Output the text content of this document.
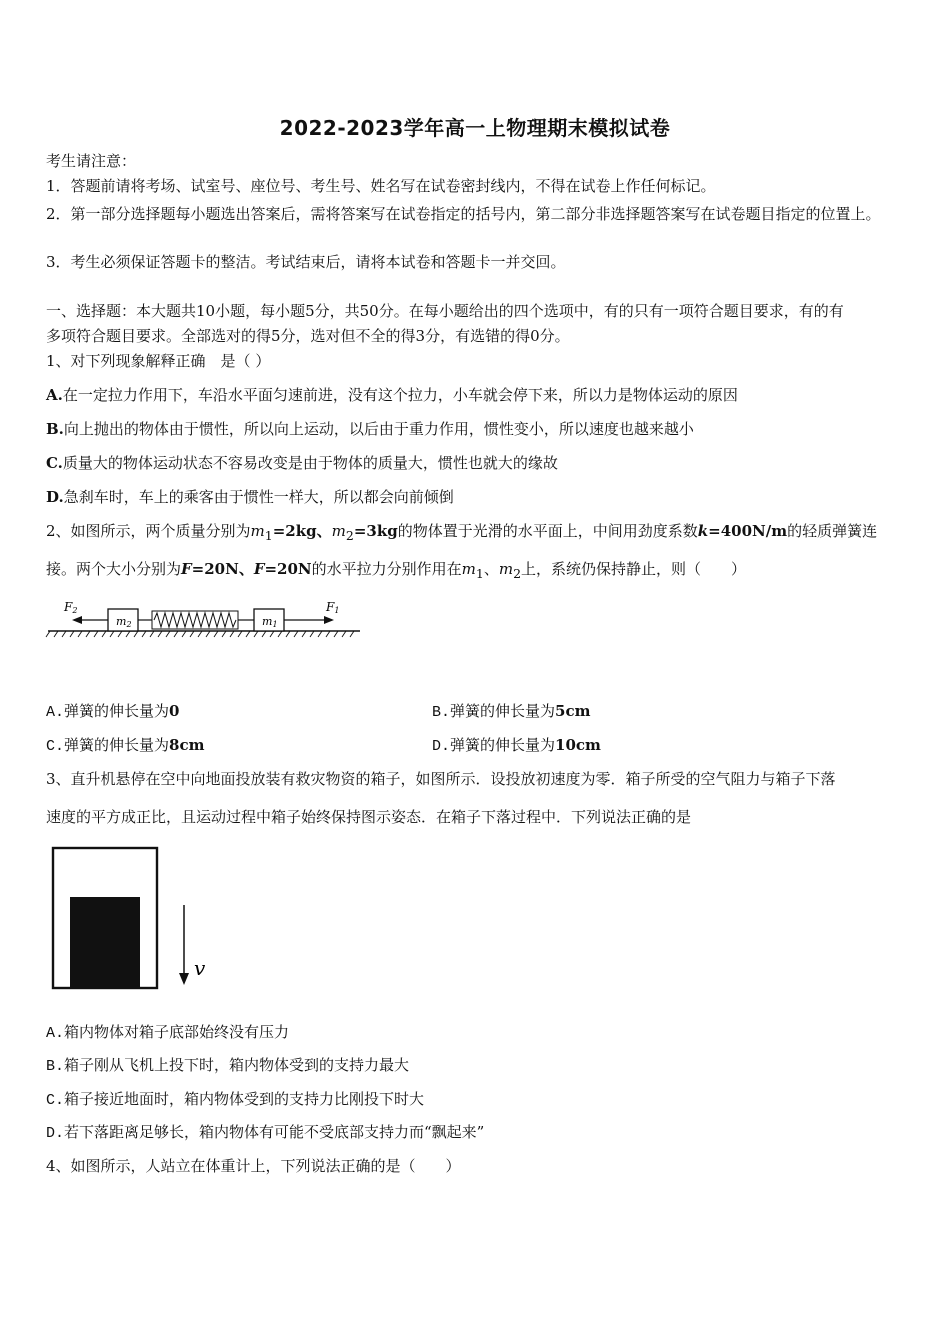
2022-2023学年高一上物理期末模拟试卷
考生请注意：
1．答题前请将考场、试室号、座位号、考生号、姓名写在试卷密封线内，不得在试卷上作任何标记。
2．第一部分选择题每小题选出答案后，需将答案写在试卷指定的括号内，第二部分非选择题答案写在试卷题目指定的位置上。
3．考生必须保证答题卡的整洁。考试结束后，请将本试卷和答题卡一并交回。
一、选择题：本大题共10小题，每小题5分，共50分。在每小题给出的四个选项中，有的只有一项符合题目要求，有的有
多项符合题目要求。全部选对的得5分，选对但不全的得3分，有选错的得0分。
1、对下列现象解释正确　是（ ）
A.在一定拉力作用下，车沿水平面匀速前进，没有这个拉力，小车就会停下来，所以力是物体运动的原因
B.向上抛出的物体由于惯性，所以向上运动，以后由于重力作用，惯性变小，所以速度也越来越小
C.质量大的物体运动状态不容易改变是由于物体的质量大，惯性也就大的缘故
D.急刹车时，车上的乘客由于惯性一样大，所以都会向前倾倒
2、如图所示，两个质量分别为$m_1=2kg$、$m_2=3kg$的物体置于光滑的水平面上，中间用劲度系数k=400N/m的轻质弹簧连
接。两个大小分别为F=20N、F=20N的水平拉力分别作用在$m_1$、$m_2$上，系统仍保持静止，则（　　）
m2	m1
F2	F1
A.弹簧的伸长量为0	B.弹簧的伸长量为5cm
C.弹簧的伸长量为8cm	D.弹簧的伸长量为10cm
3、直升机悬停在空中向地面投放装有救灾物资的箱子，如图所示．设投放初速度为零．箱子所受的空气阻力与箱子下落
速度的平方成正比，且运动过程中箱子始终保持图示姿态．在箱子下落过程中．下列说法正确的是
v
A.箱内物体对箱子底部始终没有压力
B.箱子刚从飞机上投下时，箱内物体受到的支持力最大
C.箱子接近地面时，箱内物体受到的支持力比刚投下时大
D.若下落距离足够长，箱内物体有可能不受底部支持力而“飘起来”
4、如图所示，人站立在体重计上，下列说法正确的是（　　）
